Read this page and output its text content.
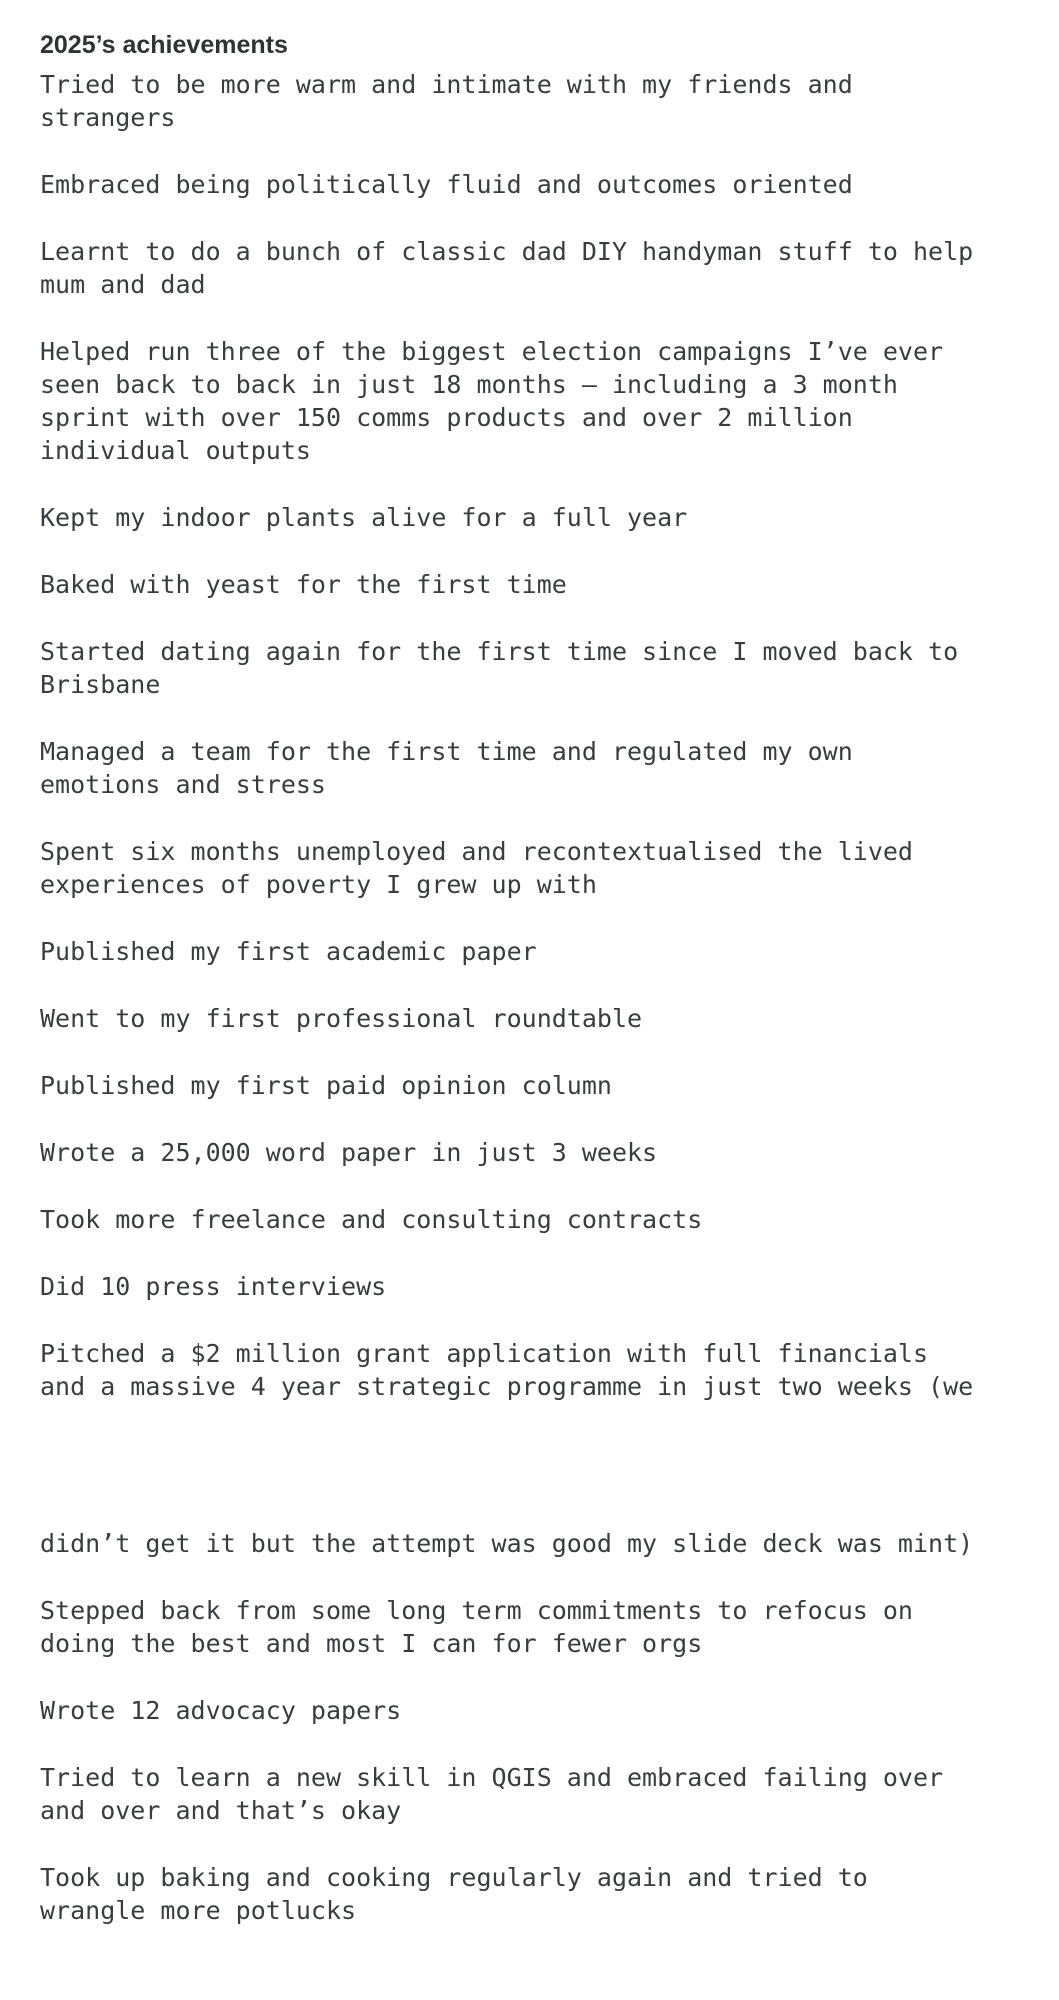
2025’s achievements

Tried to be more warm and intimate with my friends and strangers

Embraced being politically fluid and outcomes oriented

Learnt to do a bunch of classic dad DIY handyman stuff to help mum and dad

Helped run three of the biggest election campaigns I’ve ever seen back to back in just 18 months — including a 3 month sprint with over 150 comms products and over 2 million individual outputs

Kept my indoor plants alive for a full year

Baked with yeast for the first time

Started dating again for the first time since I moved back to Brisbane

Managed a team for the first time and regulated my own emotions and stress

Spent six months unemployed and recontextualised the lived experiences of poverty I grew up with

Published my first academic paper

Went to my first professional roundtable

Published my first paid opinion column

Wrote a 25,000 word paper in just 3 weeks

Took more freelance and consulting contracts

Did 10 press interviews

Pitched a $2 million grant application with full financials and a massive 4 year strategic programme in just two weeks (we

didn’t get it but the attempt was good my slide deck was mint)

Stepped back from some long term commitments to refocus on doing the best and most I can for fewer orgs

Wrote 12 advocacy papers

Tried to learn a new skill in QGIS and embraced failing over and over and that’s okay

Took up baking and cooking regularly again and tried to wrangle more potlucks
